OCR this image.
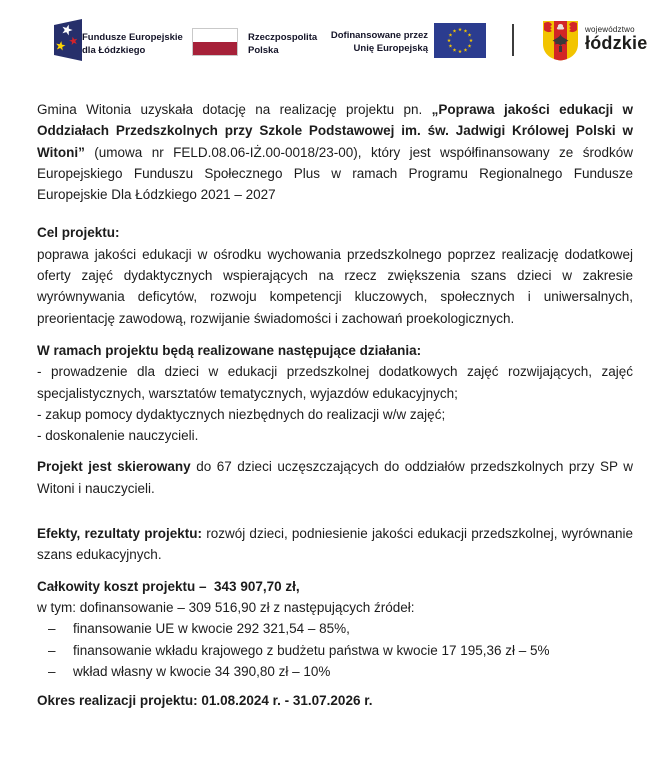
Fundusze Europejskie
dla Łódzkiego
Rzeczpospolita
Polska
Dofinansowane przez
Unię Europejską
województwo
łódzkie

Gmina Witonia uzyskała dotację na realizację projektu pn. „Poprawa jakości edukacji w Oddziałach Przedszkolnych przy Szkole Podstawowej im. św. Jadwigi Królowej Polski w Witoni” (umowa nr FELD.08.06-IŻ.00-0018/23-00), który jest współfinansowany ze środków Europejskiego Funduszu Społecznego Plus w ramach Programu Regionalnego Fundusze Europejskie Dla Łódzkiego 2021 – 2027

Cel projektu:
poprawa jakości edukacji w ośrodku wychowania przedszkolnego poprzez realizację dodatkowej oferty zajęć dydaktycznych wspierających na rzecz zwiększenia szans dzieci w zakresie wyrównywania deficytów, rozwoju kompetencji kluczowych, społecznych i uniwersalnych, preorientację zawodową, rozwijanie świadomości i zachowań proekologicznych.
W ramach projektu będą realizowane następujące działania:
- prowadzenie dla dzieci w edukacji przedszkolnej dodatkowych zajęć rozwijających, zajęć specjalistycznych, warsztatów tematycznych, wyjazdów edukacyjnych;
- zakup pomocy dydaktycznych niezbędnych do realizacji w/w zajęć;
- doskonalenie nauczycieli.

Projekt jest skierowany do 67 dzieci uczęszczających do oddziałów przedszkolnych przy SP w Witoni i nauczycieli.

Efekty, rezultaty projektu: rozwój dzieci, podniesienie jakości edukacji przedszkolnej, wyrównanie szans edukacyjnych.

Całkowity koszt projektu –  343 907,70 zł,
w tym: dofinansowanie – 309 516,90 zł z następujących źródeł:
–	finansowanie UE w kwocie 292 321,54 – 85%,
–	finansowanie wkładu krajowego z budżetu państwa w kwocie 17 195,36 zł – 5%
–	wkład własny w kwocie 34 390,80 zł – 10%
Okres realizacji projektu: 01.08.2024 r. - 31.07.2026 r.
